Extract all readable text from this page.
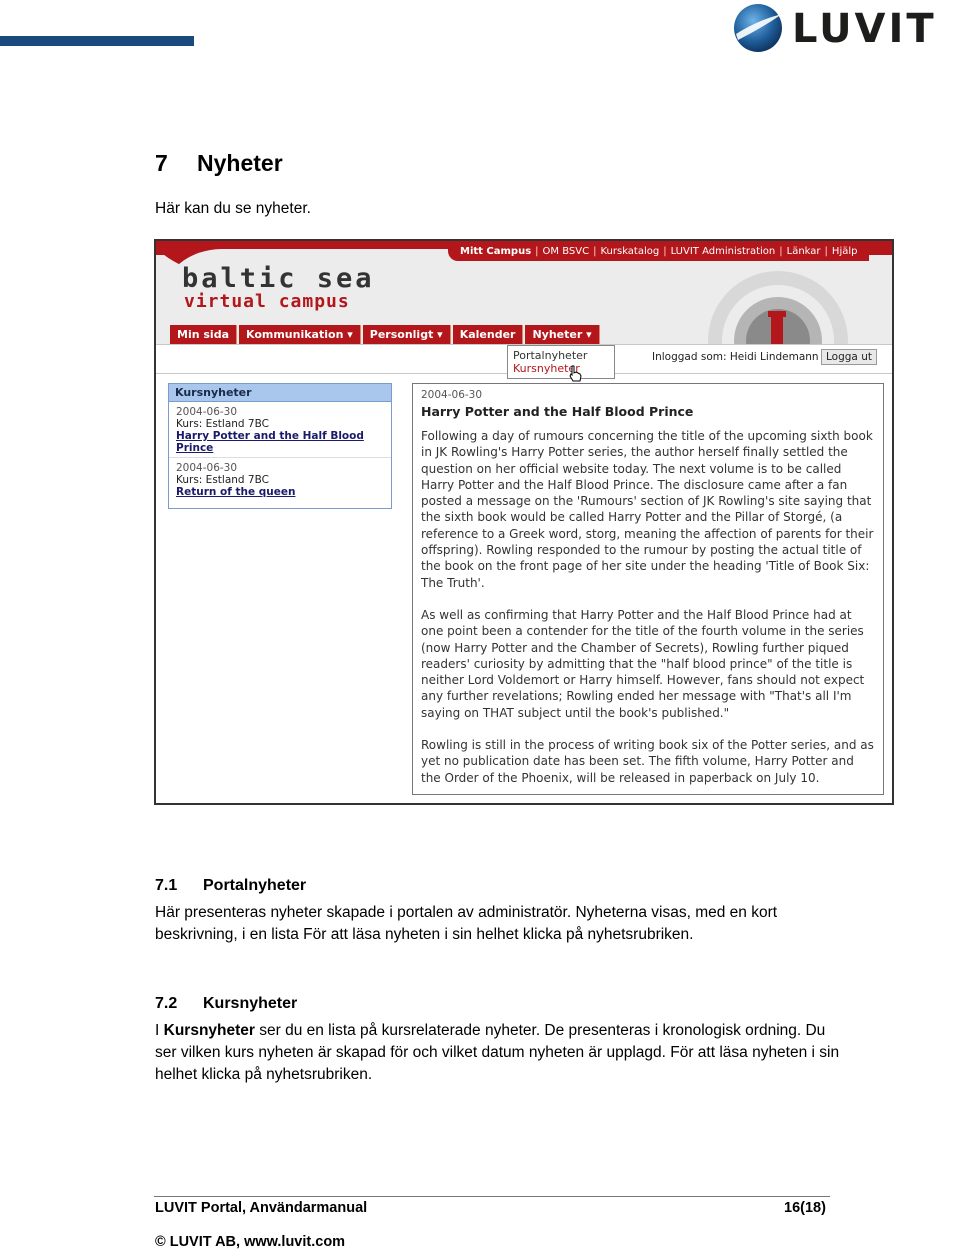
LUVIT
7 Nyheter
Här kan du se nyheter.
Mitt Campus | OM BSVC | Kurskatalog | LUVIT Administration | Länkar | Hjälp
baltic sea
virtual campus
Min sida	Kommunikation ▾	Personligt ▾	Kalender	Nyheter ▾
Portalnyheter
Kursnyheter
Inloggad som: Heidi Lindemann Logga ut
Kursnyheter
2004-06-30
Kurs: Estland 7BC
Harry Potter and the Half Blood Prince
2004-06-30
Kurs: Estland 7BC
Return of the queen
2004-06-30
Harry Potter and the Half Blood Prince

Following a day of rumours concerning the title of the upcoming sixth book in JK Rowling's Harry Potter series, the author herself finally settled the question on her official website today. The next volume is to be called Harry Potter and the Half Blood Prince. The disclosure came after a fan posted a message on the 'Rumours' section of JK Rowling's site saying that the sixth book would be called Harry Potter and the Pillar of Storgé, (a reference to a Greek word, storg, meaning the affection of parents for their offspring). Rowling responded to the rumour by posting the actual title of the book on the front page of her site under the heading 'Title of Book Six: The Truth'.

As well as confirming that Harry Potter and the Half Blood Prince had at one point been a contender for the title of the fourth volume in the series (now Harry Potter and the Chamber of Secrets), Rowling further piqued readers' curiosity by admitting that the "half blood prince" of the title is neither Lord Voldemort or Harry himself. However, fans should not expect any further revelations; Rowling ended her message with "That's all I'm saying on THAT subject until the book's published."

Rowling is still in the process of writing book six of the Potter series, and as yet no publication date has been set. The fifth volume, Harry Potter and the Order of the Phoenix, will be released in paperback on July 10.

7.1 Portalnyheter
Här presenteras nyheter skapade i portalen av administratör. Nyheterna visas, med en kort beskrivning, i en lista För att läsa nyheten i sin helhet klicka på nyhetsrubriken.
7.2 Kursnyheter
I Kursnyheter ser du en lista på kursrelaterade nyheter. De presenteras i kronologisk ordning. Du ser vilken kurs nyheten är skapad för och vilket datum nyheten är upplagd. För att läsa nyheten i sin helhet klicka på nyhetsrubriken.
LUVIT Portal, Användarmanual	16(18)
© LUVIT AB, www.luvit.com
